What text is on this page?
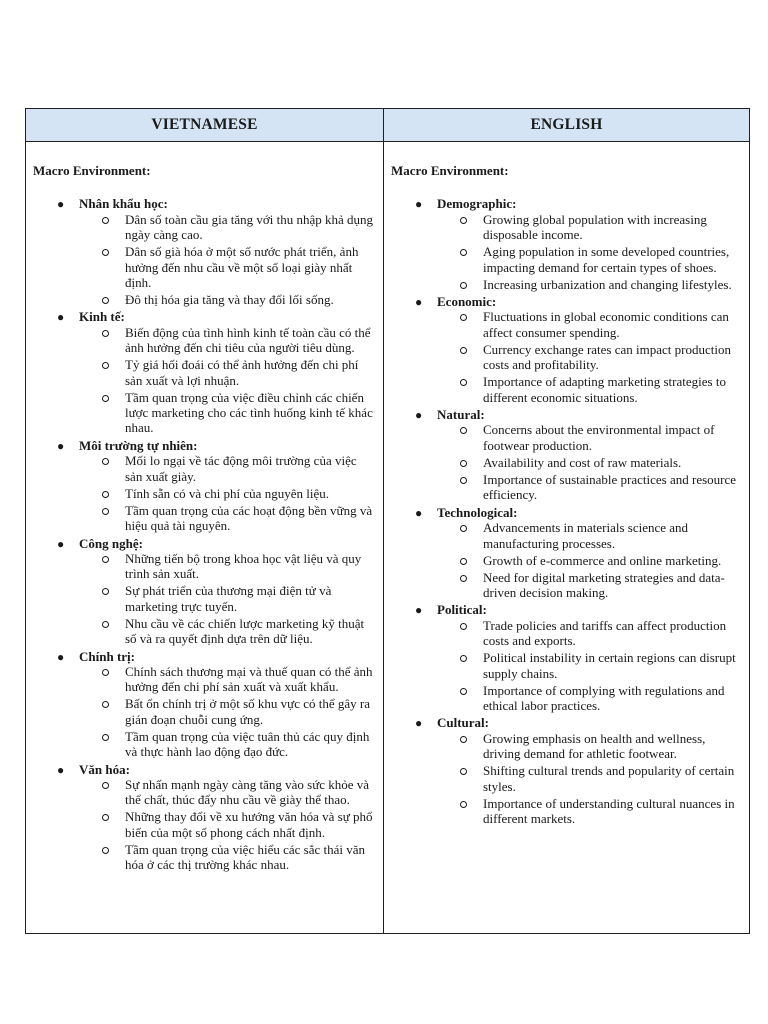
VIETNAMESE	ENGLISH
Macro Environment:
● Nhân khẩu học:
Dân số toàn cầu gia tăng với thu nhập khả dụng ngày càng cao.
Dân số già hóa ở một số nước phát triển, ảnh hưởng đến nhu cầu về một số loại giày nhất định.
Đô thị hóa gia tăng và thay đổi lối sống.
● Kinh tế:
Biến động của tình hình kinh tế toàn cầu có thể ảnh hưởng đến chi tiêu của người tiêu dùng.
Tỷ giá hối đoái có thể ảnh hưởng đến chi phí sản xuất và lợi nhuận.
Tầm quan trọng của việc điều chỉnh các chiến lược marketing cho các tình huống kinh tế khác nhau.
● Môi trường tự nhiên:
Mối lo ngại về tác động môi trường của việc sản xuất giày.
Tính sẵn có và chi phí của nguyên liệu.
Tầm quan trọng của các hoạt động bền vững và hiệu quả tài nguyên.
● Công nghệ:
Những tiến bộ trong khoa học vật liệu và quy trình sản xuất.
Sự phát triển của thương mại điện tử và marketing trực tuyến.
Nhu cầu về các chiến lược marketing kỹ thuật số và ra quyết định dựa trên dữ liệu.
● Chính trị:
Chính sách thương mại và thuế quan có thể ảnh hưởng đến chi phí sản xuất và xuất khẩu.
Bất ổn chính trị ở một số khu vực có thể gây ra gián đoạn chuỗi cung ứng.
Tầm quan trọng của việc tuân thủ các quy định và thực hành lao động đạo đức.
● Văn hóa:
Sự nhấn mạnh ngày càng tăng vào sức khỏe và thể chất, thúc đẩy nhu cầu về giày thể thao.
Những thay đổi về xu hướng văn hóa và sự phổ biến của một số phong cách nhất định.
Tầm quan trọng của việc hiểu các sắc thái văn hóa ở các thị trường khác nhau.
Macro Environment:
● Demographic:
Growing global population with increasing disposable income.
Aging population in some developed countries, impacting demand for certain types of shoes.
Increasing urbanization and changing lifestyles.
● Economic:
Fluctuations in global economic conditions can affect consumer spending.
Currency exchange rates can impact production costs and profitability.
Importance of adapting marketing strategies to different economic situations.
● Natural:
Concerns about the environmental impact of footwear production.
Availability and cost of raw materials.
Importance of sustainable practices and resource efficiency.
● Technological:
Advancements in materials science and manufacturing processes.
Growth of e-commerce and online marketing.
Need for digital marketing strategies and data-driven decision making.
● Political:
Trade policies and tariffs can affect production costs and exports.
Political instability in certain regions can disrupt supply chains.
Importance of complying with regulations and ethical labor practices.
● Cultural:
Growing emphasis on health and wellness, driving demand for athletic footwear.
Shifting cultural trends and popularity of certain styles.
Importance of understanding cultural nuances in different markets.
